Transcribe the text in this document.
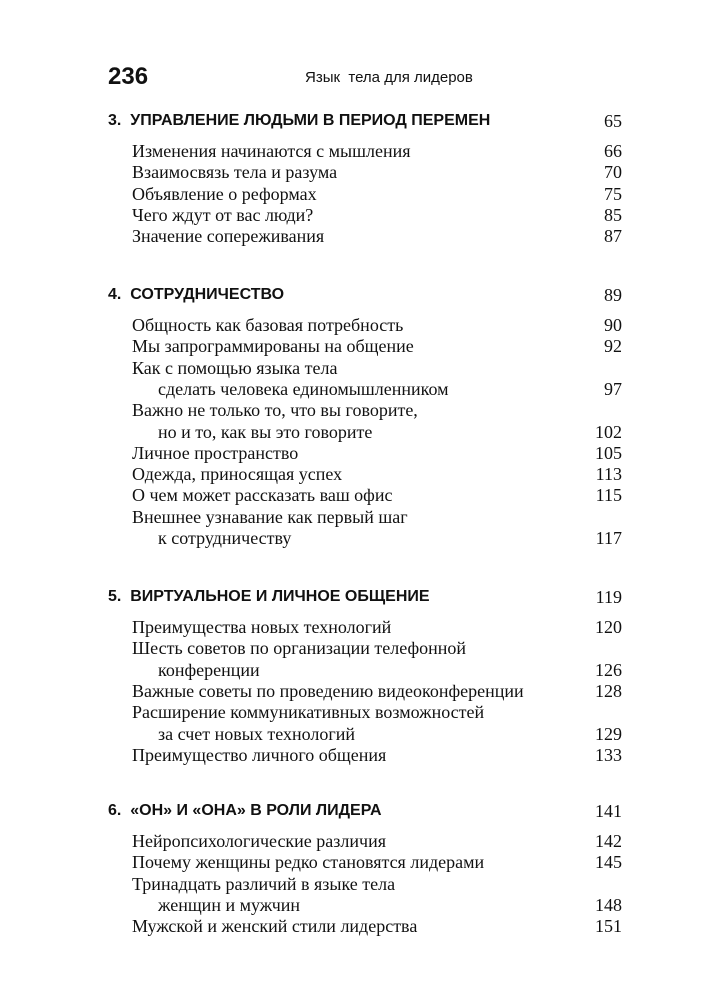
236	Язык  тела для лидеров
3.  УПРАВЛЕНИЕ ЛЮДЬМИ В ПЕРИОД ПЕРЕМЕН	65
Изменения начинаются с мышления	66
Взаимосвязь тела и разума	70
Объявление о реформах	75
Чего ждут от вас люди?	85
Значение сопереживания	87
4.  СОТРУДНИЧЕСТВО	89
Общность как базовая потребность	90
Мы запрограммированы на общение	92
Как с помощью языка тела
сделать человека единомышленником	97
Важно не только то, что вы говорите,
но и то, как вы это говорите	102
Личное пространство	105
Одежда, приносящая успех	113
О чем может рассказать ваш офис	115
Внешнее узнавание как первый шаг
к сотрудничеству	117
5.  ВИРТУАЛЬНОЕ И ЛИЧНОЕ ОБЩЕНИЕ	119
Преимущества новых технологий	120
Шесть советов по организации телефонной
конференции	126
Важные советы по проведению видеоконференции	128
Расширение коммуникативных возможностей
за счет новых технологий	129
Преимущество личного общения	133
6.  «ОН» И «ОНА» В РОЛИ ЛИДЕРА	141
Нейропсихологические различия	142
Почему женщины редко становятся лидерами	145
Тринадцать различий в языке тела
женщин и мужчин	148
Мужской и женский стили лидерства	151
